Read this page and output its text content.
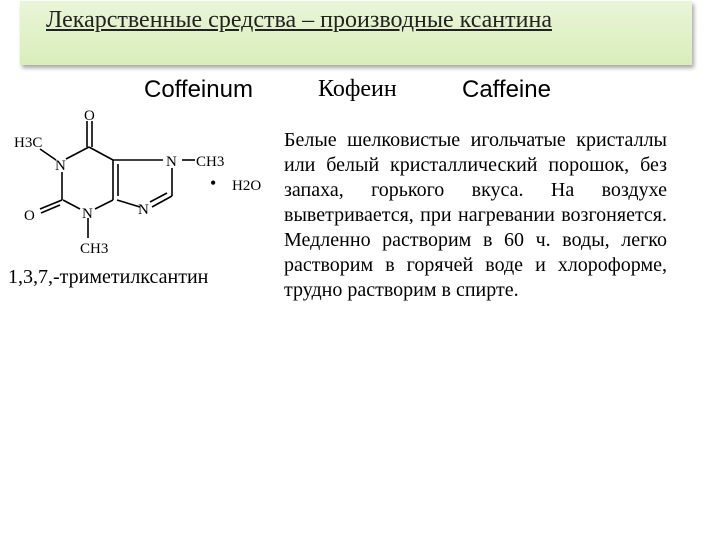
Лекарственные средства – производные ксантина
Coffeinum	Кофеин	Caffeine
O
O
N
N
N
N
H3C
CH3
CH3
• H2O
1,3,7,-триметилксантин
Белые шелковистые игольчатые кристаллы или белый кристаллический порошок, без запаха, горького вкуса. На воздухе выветривается, при нагревании возгоняется. Медленно растворим в 60 ч. воды, легко растворим в горячей воде и хлороформе, трудно растворим в спирте.
